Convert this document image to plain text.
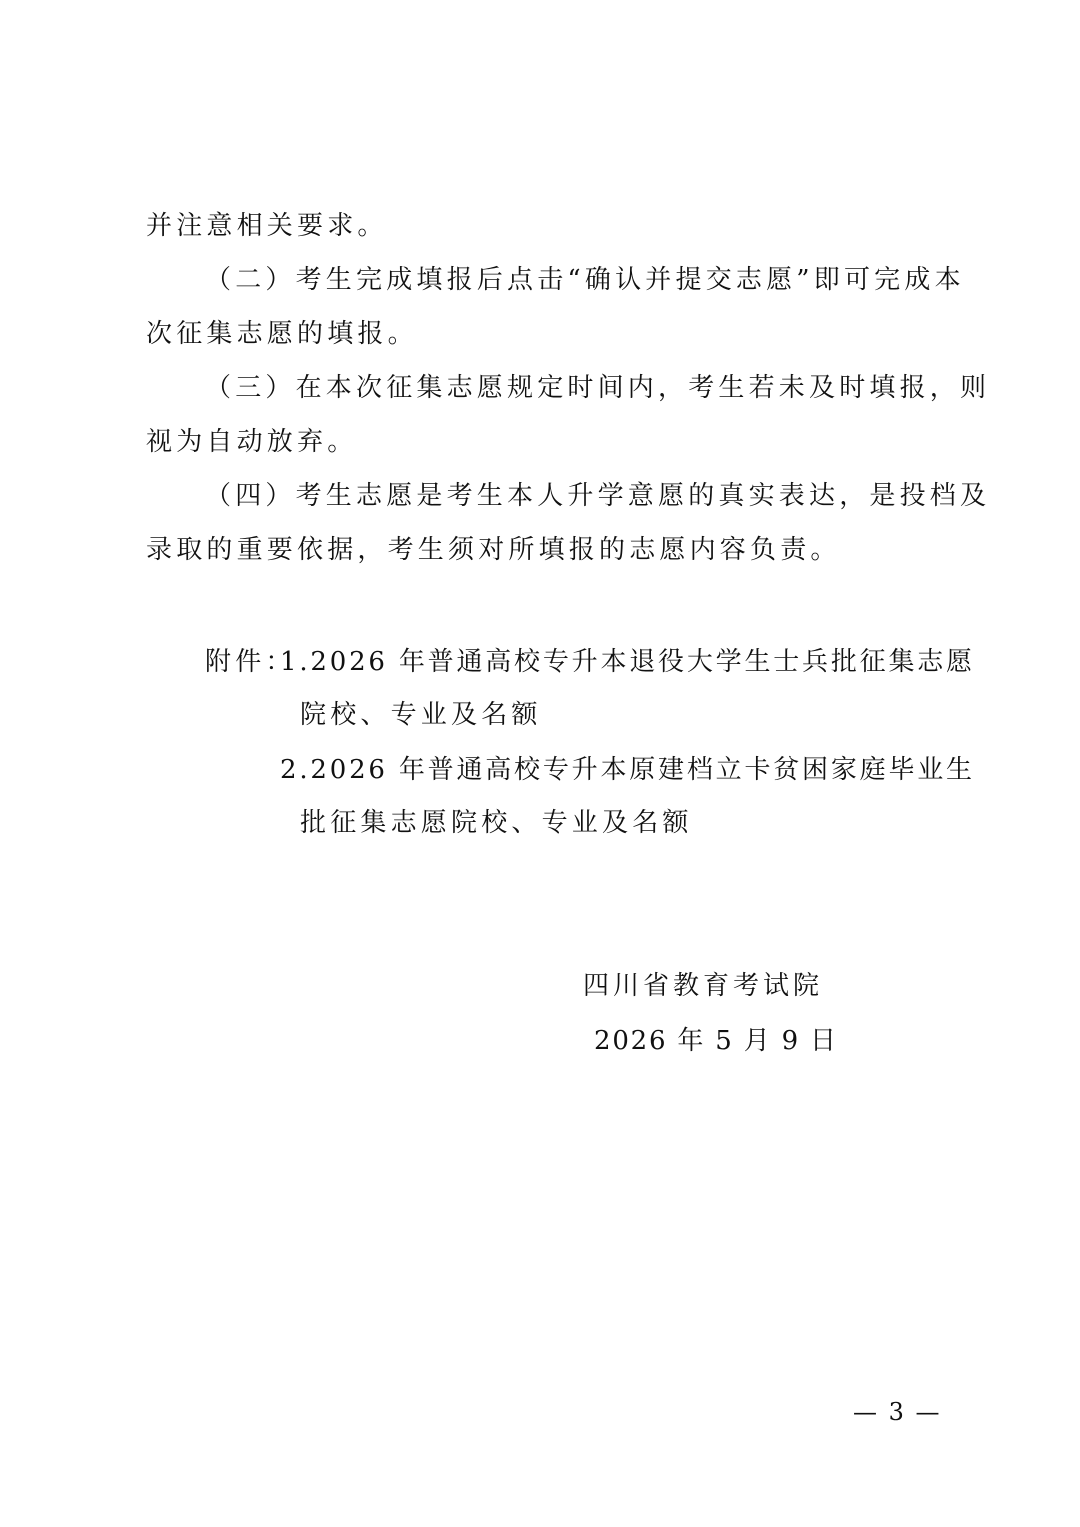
并注意相关要求。
（二）考生完成填报后点击“确认并提交志愿”即可完成本
次征集志愿的填报。
（三）在本次征集志愿规定时间内，考生若未及时填报，则
视为自动放弃。
（四）考生志愿是考生本人升学意愿的真实表达，是投档及
录取的重要依据，考生须对所填报的志愿内容负责。
附件：
1.2026 年普通高校专升本退役大学生士兵批征集志愿
院校、专业及名额
2.2026 年普通高校专升本原建档立卡贫困家庭毕业生
批征集志愿院校、专业及名额
四川省教育考试院
2026 年 5 月 9 日
— 3 —
